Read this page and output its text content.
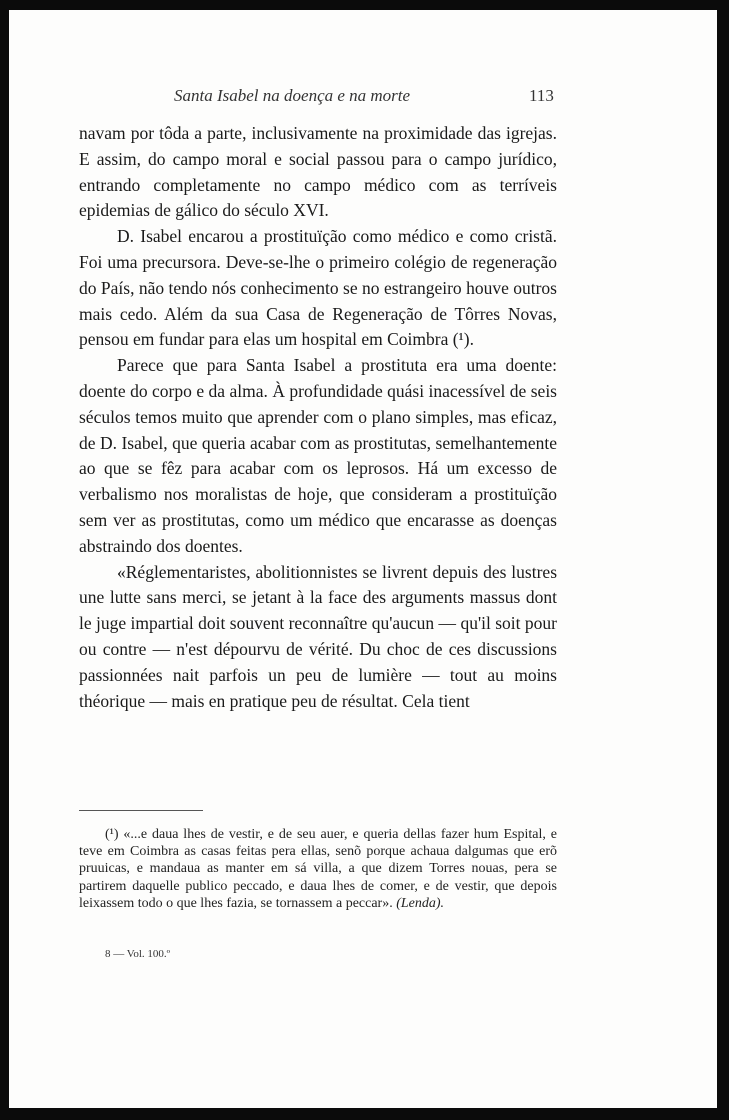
Santa Isabel na doença e na morte	113

navam por tôda a parte, inclusivamente na proximidade das igrejas. E assim, do campo moral e social passou para o campo jurídico, entrando completamente no campo médico com as terríveis epidemias de gálico do século XVI.

D. Isabel encarou a prostituïção como médico e como cristã. Foi uma precursora. Deve-se-lhe o primeiro colégio de regeneração do País, não tendo nós conhecimento se no estrangeiro houve outros mais cedo. Além da sua Casa de Regeneração de Tôrres Novas, pensou em fundar para elas um hospital em Coimbra (¹).

Parece que para Santa Isabel a prostituta era uma doente: doente do corpo e da alma. À profundidade quási inacessível de seis séculos temos muito que aprender com o plano simples, mas eficaz, de D. Isabel, que queria acabar com as prostitutas, semelhantemente ao que se fêz para acabar com os leprosos. Há um excesso de verbalismo nos moralistas de hoje, que consideram a prostituïção sem ver as prostitutas, como um médico que encarasse as doenças abstraindo dos doentes.

«Réglementaristes, abolitionnistes se livrent depuis des lustres une lutte sans merci, se jetant à la face des arguments massus dont le juge impartial doit souvent reconnaître qu'aucun — qu'il soit pour ou contre — n'est dépourvu de vérité. Du choc de ces discussions passionnées nait parfois un peu de lumière — tout au moins théorique — mais en pratique peu de résultat. Cela tient

(¹) «...e daua lhes de vestir, e de seu auer, e queria dellas fazer hum Espital, e teve em Coimbra as casas feitas pera ellas, senõ porque achaua dalgumas que erõ pruuicas, e mandaua as manter em sá villa, a que dizem Torres nouas, pera se partirem daquelle publico peccado, e daua lhes de comer, e de vestir, que depois leixassem todo o que lhes fazia, se tornassem a peccar». (Lenda).
8 — Vol. 100.º
